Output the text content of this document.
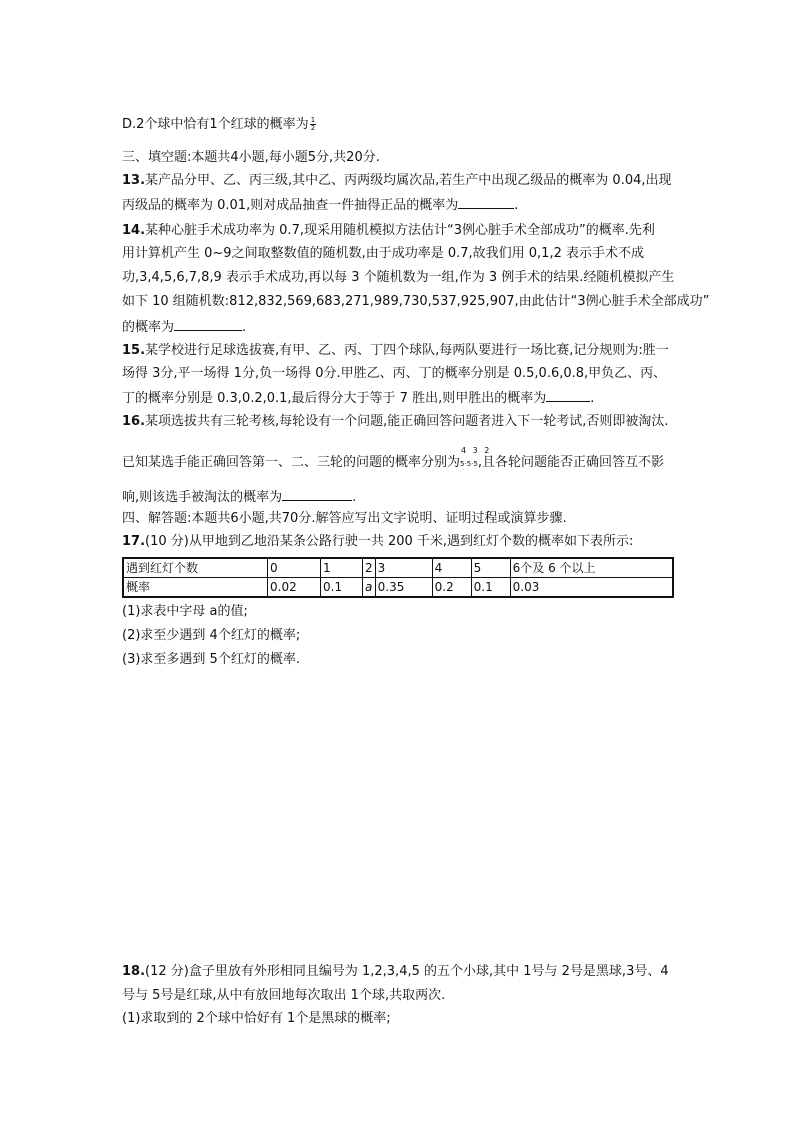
D.2个球中恰有1个红球的概率为 $\frac{1}{2}$
三、填空题:本题共4小题,每小题5分,共20分.
13.某产品分甲、乙、丙三级,其中乙、丙两级均属次品,若生产中出现乙级品的概率为 0.04,出现
丙级品的概率为 0.01,则对成品抽查一件抽得正品的概率为	.
14.某种心脏手术成功率为 0.7,现采用随机模拟方法估计“3例心脏手术全部成功”的概率.先利
用计算机产生 0~9之间取整数值的随机数,由于成功率是 0.7,故我们用 0,1,2 表示手术不成
功,3,4,5,6,7,8,9 表示手术成功,再以每 3 个随机数为一组,作为 3 例手术的结果.经随机模拟产生
如下 10 组随机数:812,832,569,683,271,989,730,537,925,907,由此估计“3例心脏手术全部成功”
的概率为	.
15.某学校进行足球选拔赛,有甲、乙、丙、丁四个球队,每两队要进行一场比赛,记分规则为:胜一
场得 3分,平一场得 1分,负一场得 0分.甲胜乙、丙、丁的概率分别是 0.5,0.6,0.8,甲负乙、丙、
丁的概率分别是 0.3,0.2,0.1,最后得分大于等于 7 胜出,则甲胜出的概率为	.
16.某项选拔共有三轮考核,每轮设有一个问题,能正确回答问题者进入下一轮考试,否则即被淘汰.
已知某选手能正确回答第一、二、三轮的问题的概率分别为
4 3 2
5·5·5,且各轮问题能否正确回答互不影
响,则该选手被淘汰的概率为	.
四、解答题:本题共6小题,共70分.解答应写出文字说明、证明过程或演算步骤.
17.(10 分)从甲地到乙地沿某条公路行驶一共 200 千米,遇到红灯个数的概率如下表所示:
遇到红灯个数	0	1	2	3	4	5	6个及 6 个以上
概率	0.02	0.1	a	0.35	0.2	0.1	0.03
(1)求表中字母 a的值;
(2)求至少遇到 4个红灯的概率;
(3)求至多遇到 5个红灯的概率.
18.(12 分)盒子里放有外形相同且编号为 1,2,3,4,5 的五个小球,其中 1号与 2号是黑球,3号、4
号与 5号是红球,从中有放回地每次取出 1个球,共取两次.
(1)求取到的 2个球中恰好有 1个是黑球的概率;
